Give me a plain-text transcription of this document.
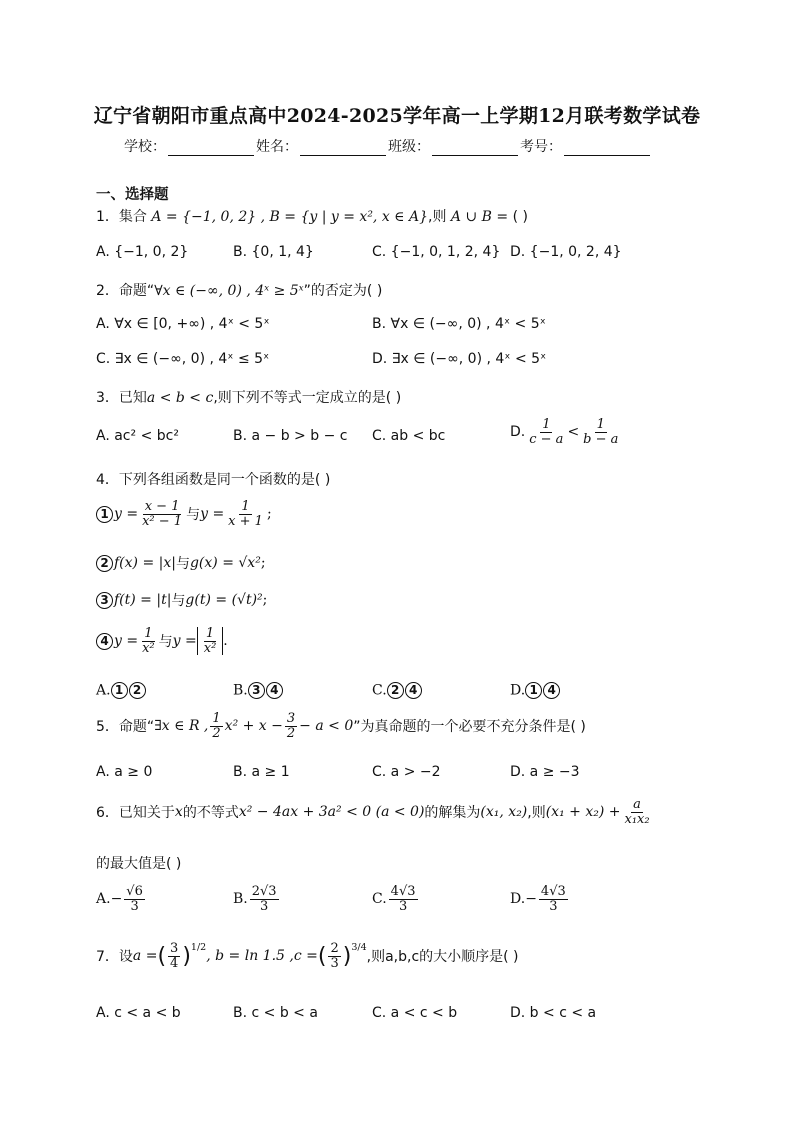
辽宁省朝阳市重点高中2024-2025学年高一上学期12月联考数学试卷
学校：	姓名：	班级：	考号：
一、选择题
1．集合 A = {−1, 0, 2} , B = {y | y = x², x ∈ A},则 A ∪ B = ( )
A. {−1, 0, 2}	B. {0, 1, 4}	C. {−1, 0, 1, 2, 4} D. {−1, 0, 2, 4}
2．命题“∀x ∈ (−∞, 0) , 4ˣ ≥ 5ˣ”的否定为( )
A. ∀x ∈ [0, +∞) , 4ˣ < 5ˣ	B. ∀x ∈ (−∞, 0) , 4ˣ < 5ˣ
C. ∃x ∈ (−∞, 0) , 4ˣ ≤ 5ˣ	D. ∃x ∈ (−∞, 0) , 4ˣ < 5ˣ
3．已知a < b < c,则下列不等式一定成立的是( )
A. ac² < bc²	B. a − b > b − c C. ab < bc	D. $\frac{1}{c - a} < \frac{1}{b - a}$
4．下列各组函数是同一个函数的是( )
1 $y = \frac{x - 1}{\text{x² − 1}}$ 与 $y = \frac{1}{x + 1}$ ;
2 f(x) = |x| 与 g(x) = √x² ;
3 f(t) = |t| 与 g(t) = (√t)² ;
4 $y = \frac{1}{\text{x²}}$ 与 $y = \frac{1}{\text{x²}}$ .
A. 1 2	B. 3 4	C. 2 4	D. 1 4
5． 命题“ ∃x ∈ R , $\frac{1}{2} x^2 + x - \frac{3}{2} - a < 0$ ”为真命题的一个必要不充分条件是( )
A. a ≥ 0	B. a ≥ 1	C. a > −2	D. a ≥ −3
6． 已知关于 x 的不等式 x² − 4ax + 3a² < 0 (a < 0) 的解集为 (x₁, x₂) ,则 $(x_1 + x_2) + \frac{a}{\text{x₁x₂}}$
的最大值是( )
A. − $\frac{√6}{3}$	B. $\frac{2√3}{3}$	C. $\frac{4√3}{3}$	D. − $\frac{4√3}{3}$
7． 设 a = ( $\frac{3}{4} )^{1/2}$
, b = ln 1.5 , c = ( $\frac{2}{3} )^{3/4}$
,则a,b,c的大小顺序是( )
A. c < a < b	B. c < b < a	C. a < c < b	D. b < c < a
